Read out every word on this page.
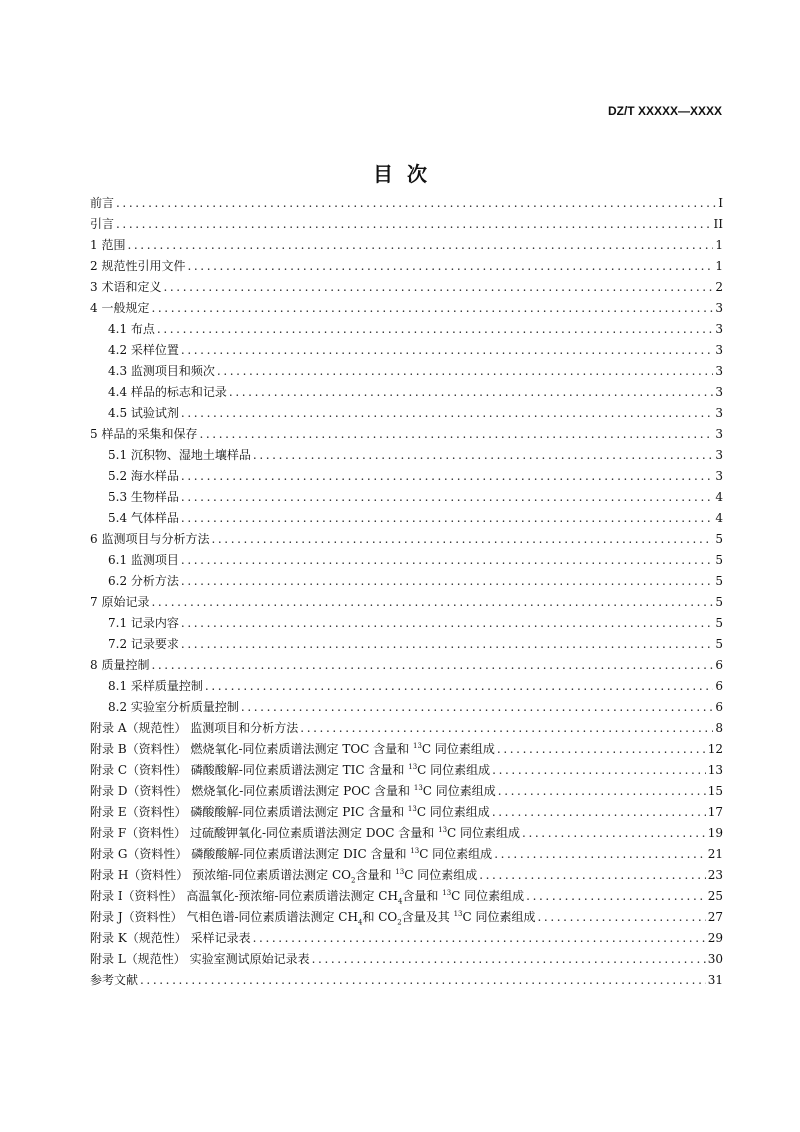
DZ/T XXXXX—XXXX
目次
前言 .....	I
引言 .....	II
1 范围 .....	1
2 规范性引用文件 .....	1
3 术语和定义 .....	2
4 一般规定 .....	3
4.1 布点 .....	3
4.2 采样位置 .....	3
4.3 监测项目和频次 .....	3
4.4 样品的标志和记录 .....	3
4.5 试验试剂 .....	3
5 样品的采集和保存 .....	3
5.1 沉积物、湿地土壤样品 .....	3
5.2 海水样品 .....	3
5.3 生物样品 .....	4
5.4 气体样品 .....	4
6 监测项目与分析方法 .....	5
6.1 监测项目 .....	5
6.2 分析方法 .....	5
7 原始记录 .....	5
7.1 记录内容 .....	5
7.2 记录要求 .....	5
8 质量控制 .....	6
8.1 采样质量控制 .....	6
8.2 实验室分析质量控制 .....	6
附录 A（规范性） 监测项目和分析方法 .....	8
附录 B（资料性） 燃烧氧化-同位素质谱法测定 TOC 含量和 $^{13}$C 同位素组成 .....	12
附录 C（资料性） 磷酸酸解-同位素质谱法测定 TIC 含量和 $^{13}$C 同位素组成 .....	13
附录 D（资料性） 燃烧氧化-同位素质谱法测定 POC 含量和 $^{13}$C 同位素组成 .....	15
附录 E（资料性） 磷酸酸解-同位素质谱法测定 PIC 含量和 $^{13}$C 同位素组成 .....	17
附录 F（资料性） 过硫酸钾氧化-同位素质谱法测定 DOC 含量和 $^{13}$C 同位素组成 .....	19
附录 G（资料性） 磷酸酸解-同位素质谱法测定 DIC 含量和 $^{13}$C 同位素组成 .....	21
附录 H（资料性） 预浓缩-同位素质谱法测定 $CO_2$含量和 $^{13}$C 同位素组成 .....	23
附录 I（资料性） 高温氧化-预浓缩-同位素质谱法测定 $CH_4$含量和 $^{13}$C 同位素组成 .....	25
附录 J（资料性） 气相色谱-同位素质谱法测定 $CH_4$和 $CO_2$含量及其 $^{13}$C 同位素组成 .....	27
附录 K（规范性） 采样记录表 .....	29
附录 L（规范性） 实验室测试原始记录表 .....	30
参考文献 .....	31
